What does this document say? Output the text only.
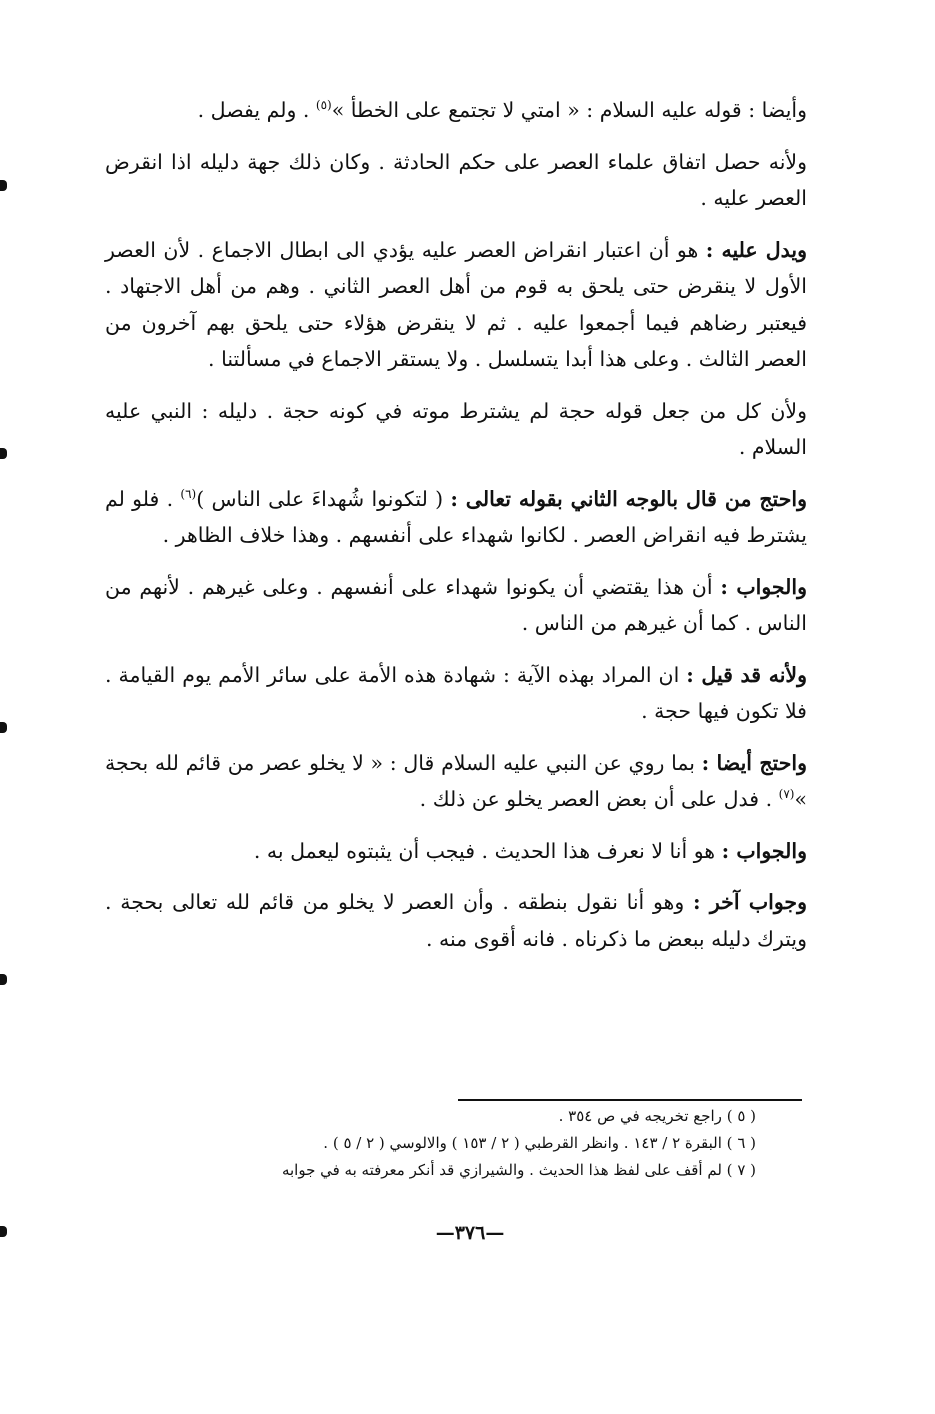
وأيضا : قوله عليه السلام : « امتي لا تجتمع على الخطأ »$^{(٥)}$ . ولم يفصل .

ولأنه حصل اتفاق علماء العصر على حكم الحادثة . وكان ذلك جهة دليله اذا انقرض العصر عليه .

ويدل عليه : هو أن اعتبار انقراض العصر عليه يؤدي الى ابطال الاجماع . لأن العصر الأول لا ينقرض حتى يلحق به قوم من أهل العصر الثاني . وهم من أهل الاجتهاد . فيعتبر رضاهم فيما أجمعوا عليه . ثم لا ينقرض هؤلاء حتى يلحق بهم آخرون من العصر الثالث . وعلى هذا أبدا يتسلسل . ولا يستقر الاجماع في مسألتنا .

ولأن كل من جعل قوله حجة لم يشترط موته في كونه حجة . دليله : النبي عليه السلام .

واحتج من قال بالوجه الثاني بقوله تعالى : ( لتكونوا شُهداءَ على الناس )$^{(٦)}$ . فلو لم يشترط فيه انقراض العصر . لكانوا شهداء على أنفسهم . وهذا خلاف الظاهر .

والجواب : أن هذا يقتضي أن يكونوا شهداء على أنفسهم . وعلى غيرهم . لأنهم من الناس . كما أن غيرهم من الناس .

ولأنه قد قيل : ان المراد بهذه الآية : شهادة هذه الأمة على سائر الأمم يوم القيامة . فلا تكون فيها حجة .

واحتج أيضا : بما روي عن النبي عليه السلام قال : « لا يخلو عصر من قائم لله بحجة »$^{(٧)}$ . فدل على أن بعض العصر يخلو عن ذلك .

والجواب : هو أنا لا نعرف هذا الحديث . فيجب أن يثبتوه ليعمل به .

وجواب آخر : وهو أنا نقول بنطقه . وأن العصر لا يخلو من قائم لله تعالى بحجة . ويترك دليله ببعض ما ذكرناه . فانه أقوى منه .

( ٥ ) راجع تخريجه في ص ٣٥٤ .

( ٦ ) البقرة ٢ / ١٤٣ . وانظر القرطبي ( ٢ / ١٥٣ ) والالوسي ( ٢ / ٥ ) .

( ٧ ) لم أقف على لفظ هذا الحديث . والشيرازي قد أنكر معرفته به في جوابه

—٣٧٦—
